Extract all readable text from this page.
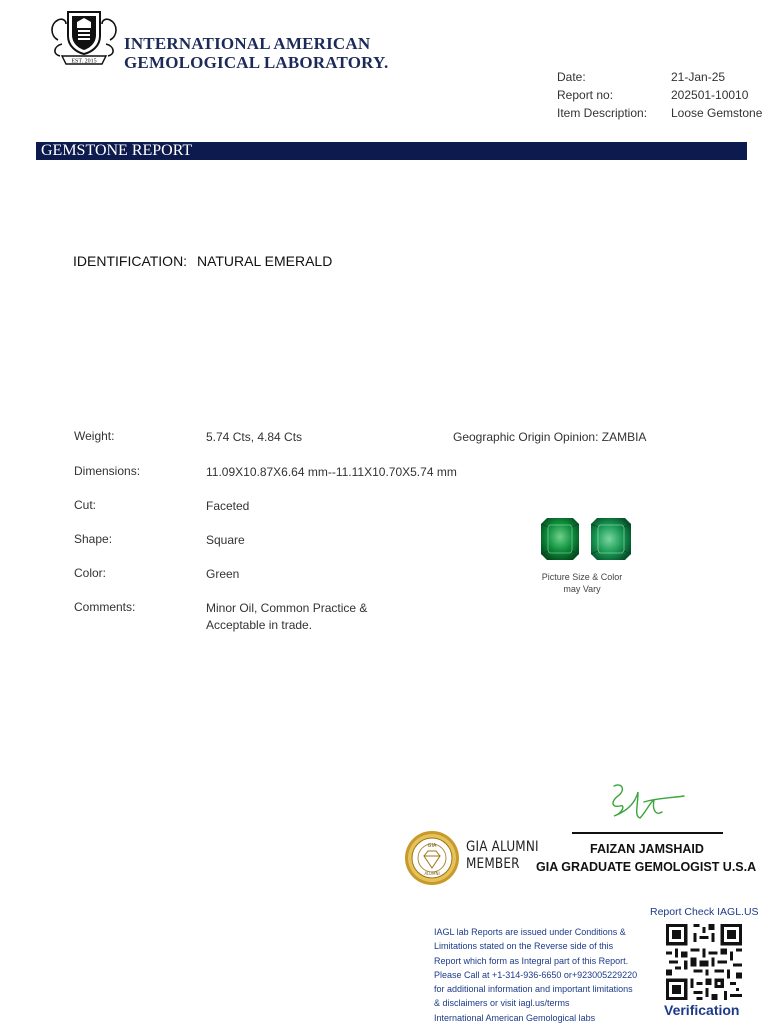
EST. 2015
INTERNATIONAL AMERICAN
GEMOLOGICAL LABORATORY.
Date:	21-Jan-25
Report no:	202501-10010
Item Description:	Loose Gemstone
GEMSTONE REPORT
IDENTIFICATION: NATURAL EMERALD
Weight:	5.74 Cts, 4.84 Cts
Dimensions:	11.09X10.87X6.64 mm--11.11X10.70X5.74 mm
Cut:	Faceted
Shape:	Square
Color:	Green
Comments:	Minor Oil, Common Practice &
Acceptable in trade.
Geographic Origin Opinion: ZAMBIA
Picture Size & Color
may Vary
FAIZAN JAMSHAID
GIA GRADUATE GEMOLOGIST U.S.A
GIA
ALUMNI
GIA ALUMNI
MEMBER
Report Check IAGL.US
Verification
IAGL lab Reports are issued under Conditions &
Limitations stated on the Reverse side of this
Report which form as Integral part of this Report.
Please Call at +1-314-936-6650 or+923005229220
for additional information and important limitations
& disclaimers or visit iagl.us/terms
International American Gemological labs
